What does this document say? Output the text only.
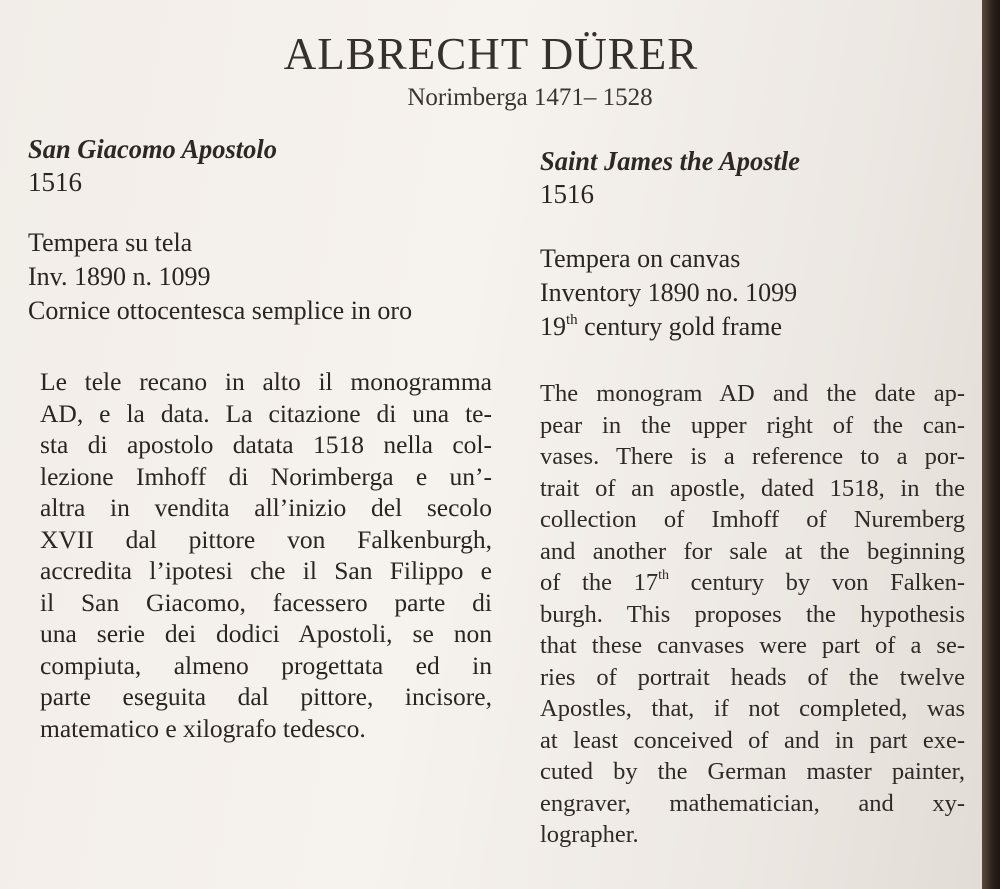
ALBRECHT DÜRER
Norimberga 1471– 1528
San Giacomo Apostolo
1516
Tempera su tela
Inv. 1890 n. 1099
Cornice ottocentesca semplice in oro
Le tele recano in alto il monogramma
AD, e la data. La citazione di una te-
sta di apostolo datata 1518 nella col-
lezione Imhoff di Norimberga e un’-
altra in vendita all’inizio del secolo
XVII dal pittore von Falkenburgh,
accredita l’ipotesi che il San Filippo e
il San Giacomo, facessero parte di
una serie dei dodici Apostoli, se non
compiuta, almeno progettata ed in
parte eseguita dal pittore, incisore,
matematico e xilografo tedesco.
Saint James the Apostle
1516
Tempera on canvas
Inventory 1890 no. 1099
19th century gold frame
The monogram AD and the date ap-
pear in the upper right of the can-
vases. There is a reference to a por-
trait of an apostle, dated 1518, in the
collection of Imhoff of Nuremberg
and another for sale at the beginning
of the 17th century by von Falken-
burgh. This proposes the hypothesis
that these canvases were part of a se-
ries of portrait heads of the twelve
Apostles, that, if not completed, was
at least conceived of and in part exe-
cuted by the German master painter,
engraver, mathematician, and xy-
lographer.
